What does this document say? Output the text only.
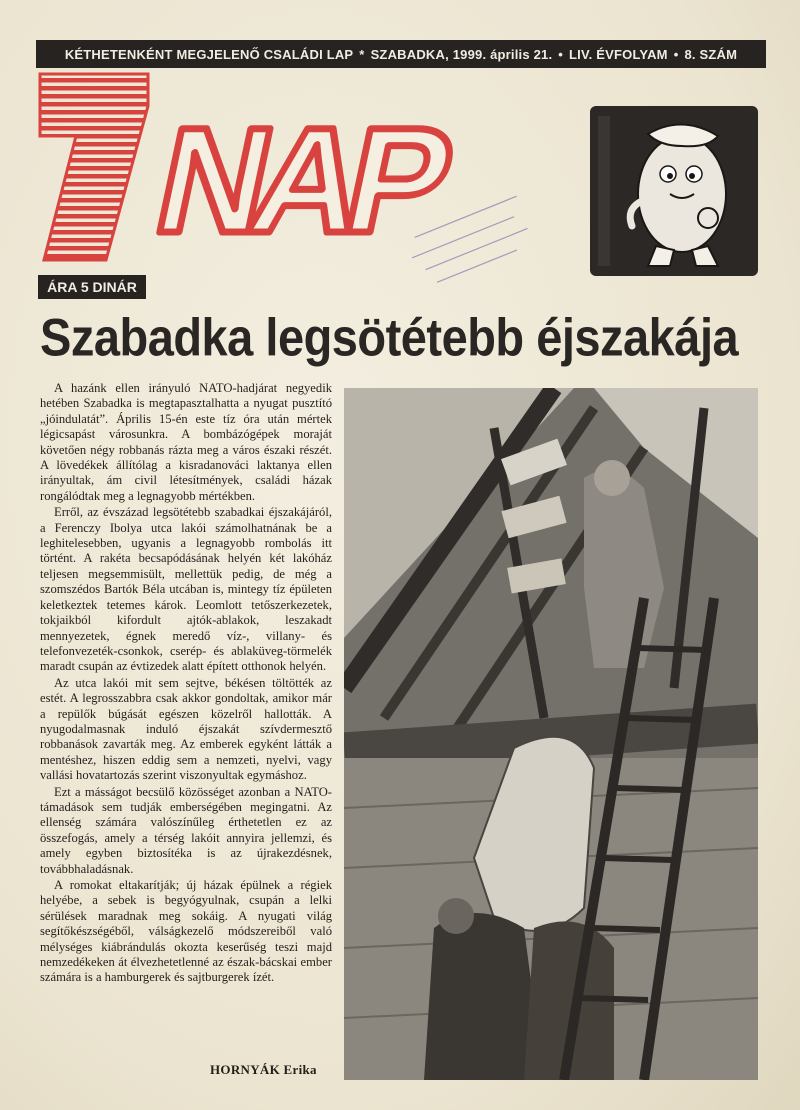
KÉTHETENKÉNT MEGJELENŐ CSALÁDI LAP * SZABADKA, 1999. április 21. • LIV. ÉVFOLYAM • 8. SZÁM
NAP
ÁRA 5 DINÁR
Szabadka legsötétebb éjszakája

A hazánk ellen irányuló NATO-hadjárat negyedik hetében Szabadka is megtapasztalhatta a nyugat pusztító „jóindulatát”. Április 15-én este tíz óra után mértek légicsapást városunkra. A bombázógépek moraját követően négy robbanás rázta meg a város északi részét. A lövedékek állítólag a kisradanováci laktanya ellen irányultak, ám civil létesítmények, családi házak rongálódtak meg a legnagyobb mértékben.

Erről, az évszázad legsötétebb szabadkai éjszakájáról, a Ferenczy Ibolya utca lakói számolhatnának be a leghitelesebben, ugyanis a legnagyobb rombolás itt történt. A rakéta becsapódásának helyén két lakóház teljesen megsemmisült, mellettük pedig, de még a szomszédos Bartók Béla utcában is, mintegy tíz épületen keletkeztek tetemes károk. Leomlott tetőszerkezetek, tokjaikból kifordult ajtók-ablakok, leszakadt mennyezetek, égnek meredő víz-, villany- és telefonvezeték-csonkok, cserép- és ablaküveg-törmelék maradt csupán az évtizedek alatt épített otthonok helyén.

Az utca lakói mit sem sejtve, békésen töltötték az estét. A legrosszabbra csak akkor gondoltak, amikor már a repülők búgását egészen közelről hallották. A nyugodalmasnak induló éjszakát szívdermesztő robbanások zavarták meg. Az emberek egyként látták a mentéshez, hiszen eddig sem a nemzeti, nyelvi, vagy vallási hovatartozás szerint viszonyultak egymáshoz.

Ezt a másságot becsülő közösséget azonban a NATO-támadások sem tudják emberségében megingatni. Az ellenség számára valószínűleg érthetetlen ez az összefogás, amely a térség lakóit annyira jellemzi, és amely egyben biztosítéka is az újrakezdésnek, továbbhaladásnak.

A romokat eltakarítják; új házak épülnek a régiek helyébe, a sebek is begyógyulnak, csupán a lelki sérülések maradnak meg sokáig. A nyugati világ segítőkészségéből, válságkezelő módszereiből való mélységes kiábrándulás okozta keserűség teszi majd nemzedékeken át élvezhetetlenné az észak-bácskai ember számára is a hamburgerek és sajtburgerek ízét.

HORNYÁK Erika
